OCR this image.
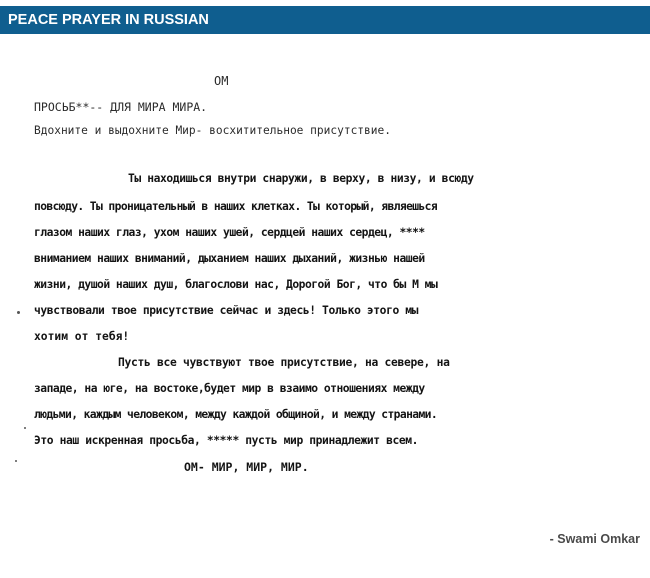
PEACE PRAYER IN RUSSIAN
ОМ
ПРОСЬБ**-- ДЛЯ МИРА МИРА.
Вдохните и выдохните Мир- восхитительное присутствие.
Ты находишься внутри снаружи, в верху, в низу, и всюду
повсюду. Ты проницательный в наших клетках. Ты который, являешься
глазом наших глаз, ухом наших ушей, сердцей наших сердец, ****
вниманием наших вниманий, дыханием наших дыханий, жизнью нашей
жизни, душой наших душ, благослови нас, Дорогой Бог, что бы M мы
чувствовали твое присутствие сейчас и здесь! Только этого мы
хотим от тебя!
Пусть все чувствуют твое присутствие, на севере, на
западе, на юге, на востоке,будет мир в взаимо отношениях между
людьми, каждым человеком, между каждой общиной, и между странами.
Это наш искренная просьба, ***** пусть мир принадлежит всем.
ОМ- МИР, МИР, МИР.
- Swami Omkar
